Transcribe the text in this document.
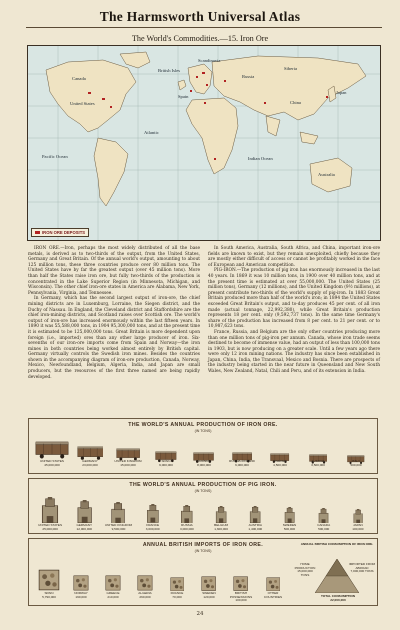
The Harmsworth Universal Atlas
The World's Commodities.—15. Iron Ore
Canada
United States
British Isles
Scandinavia
Spain
Russia
Siberia
China
Japan
Indian Ocean
Atlantic
Pacific Ocean
Australia
IRON ORE DEPOSITS

IRON ORE.—Iron, perhaps the most widely distributed of all the base metals, is derived as to two-thirds of the output, from the United States, Germany and Great Britain. Of the annual world's output, amounting to about 125 million tons, these three countries produce over 80 million tons. The United States have by far the greatest output (over 45 million tons). More than half the States raise iron ore, but fully two-thirds of the production is concentrated in the Lake Superior Region (in Minnesota, Michigan, and Wisconsin). The other chief iron-ore states in America are Alabama, New York, Pennsylvania, Virginia, and Tennessee.

In Germany, which has the second largest output of iron-ore, the chief mining districts are in Luxemburg, Lorraine, the Siegen district, and the Duchy of Nassau. In England, the Cleveland district and Staffordshire are the chief iron-mining districts, and Scotland raises over Scottish ore. The world's output of iron-ore has increased enormously within the last fifteen years. In 1890 it was 55,588,000 tons, in 1904 95,300,000 tons, and at the present time it is estimated to be 125,000,000 tons. Great Britain is more dependent upon foreign (i.e., imported) ores than any other large producer of iron. Six-sevenths of our iron-ore imports come from Spain and Norway—the iron mines in both countries being worked almost entirely by British capital. Germany virtually controls the Swedish iron mines. Besides the countries shown in the accompanying diagram of iron-ore production, Canada, Norway, Mexico, Newfoundland, Belgium, Algeria, India, and Japan are small producers, but the resources of the first three named are being rapidly developed.

In South America, Australia, South Africa, and China, important iron-ore fields are known to exist, but they remain unexploited, chiefly because they are mostly either difficult of access or cannot be profitably worked in the face of European and American competition.

PIG-IRON.—The production of pig iron has enormously increased in the last 40 years. In 1869 it was 10 million tons, in 1900 over 40 million tons, and at the present time is estimated at over 55,000,000. The United States (25 million tons), Germany (12 millions), and the United Kingdom (9½ millions), at present contribute two-thirds of the world's supply of pig-iron. In 1883 Great Britain produced more than half of the world's iron; in 1894 the United States exceeded Great Britain's output, and to-day produces 45 per cent. of all iron made (actual tonnage, 22,992,380), while Great Britain's production represents 18 per cent. only (9,592,737 tons). In the same time Germany's share of the production has increased from 8 per cent. to 21 per cent. or to 10,987,623 tons.

France, Russia, and Belgium are the only other countries producing more than one million tons of pig-iron per annum. Canada, whose iron trade seems destined to become of immense value, had an output of less than 100,000 tons in 1903, but is now producing on a greater scale. Until a few years ago there were only 12 iron mining nations. The industry has since been established in Japan, China, India, the Transvaal, Mexico and Bosnia. There are prospects of the industry being started in the near future in Queensland and New South Wales, New Zealand, Natal, Chili and Peru, and of its extension in India.

THE WORLD'S ANNUAL PRODUCTION OF IRON ORE.
(IN TONS)
UNITED STATES
45,000,000
GERMANY
23,000,000
UNITED KINGDOM
15,000,000
SPAIN
9,000,000
FRANCE
8,000,000
RUSSIA-FINLAND
6,000,000
SWEDEN
4,500,000
AUSTRIA
3,500,000
ITALY
500,000
THE WORLD'S ANNUAL PRODUCTION OF PIG IRON.
(IN TONS)
UNITED STATES
25,000,000
GERMANY
12,000,000
UNITED KINGDOM
9,500,000
FRANCE
3,000,000
RUSSIA
3,000,000
BELGIUM
1,300,000
AUSTRIA
1,400,000
SWEDEN
500,000
CANADA
500,000
JAPAN
100,000
ANNUAL BRITISH IMPORTS OF IRON ORE.
(IN TONS)
SPAIN
5,790,000
NORWAY
190,000
GREECE
210,000
ALGERIA
260,000
FRANCE
70,000
SWEDEN
120,000
BRITISH POSSESSIONS
100,000
OTHER
COUNTRIES
ANNUAL BRITISH CONSUMPTION OF IRON ORE.
HOME PRODUCTION
15,000,000
TONS
IMPORTED FROM
ABROAD
7,000,000 TONS
TOTAL CONSUMPTION
22,000,000
24
